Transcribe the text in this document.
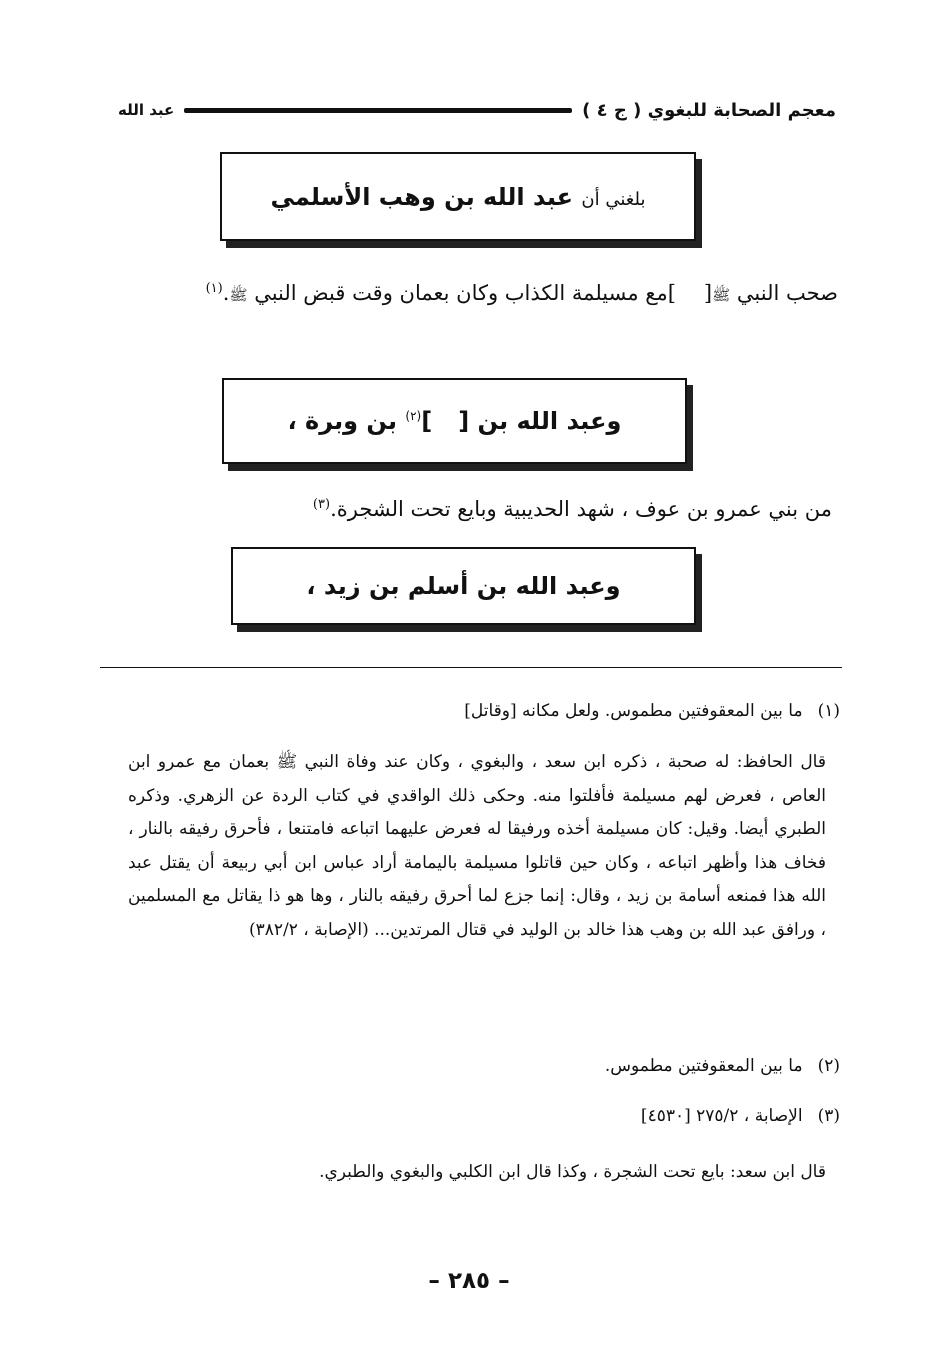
معجم الصحابة للبغوي ( ج ٤ )
عبد الله
بلغني أن عبد الله بن وهب الأسلمي
صحب النبي ﷺ[]مع مسيلمة الكذاب وكان بعمان وقت قبض النبي ﷺ.$^{(١)}$
وعبد الله بن []$^{(٢)}$ بن وبرة ،
من بني عمرو بن عوف ، شهد الحديبية وبايع تحت الشجرة.$^{(٣)}$
وعبد الله بن أسلم بن زيد ،
(١) ما بين المعقوفتين مطموس. ولعل مكانه [وقاتل]
قال الحافظ: له صحبة ، ذكره ابن سعد ، والبغوي ، وكان عند وفاة النبي ﷺ بعمان مع عمرو ابن العاص ، فعرض لهم مسيلمة فأفلتوا منه. وحكى ذلك الواقدي في كتاب الردة عن الزهري. وذكره الطبري أيضا. وقيل: كان مسيلمة أخذه ورفيقا له فعرض عليهما اتباعه فامتنعا ، فأحرق رفيقه بالنار ، فخاف هذا وأظهر اتباعه ، وكان حين قاتلوا مسيلمة باليمامة أراد عباس ابن أبي ربيعة أن يقتل عبد الله هذا فمنعه أسامة بن زيد ، وقال: إنما جزع لما أحرق رفيقه بالنار ، وها هو ذا يقاتل مع المسلمين ، ورافق عبد الله بن وهب هذا خالد بن الوليد في قتال المرتدين... (الإصابة ، ٣٨٢/٢)
(٢) ما بين المعقوفتين مطموس.
(٣) الإصابة ، ٢٧٥/٢ [٤٥٣٠]
قال ابن سعد: بايع تحت الشجرة ، وكذا قال ابن الكلبي والبغوي والطبري.
– ٢٨٥ –
